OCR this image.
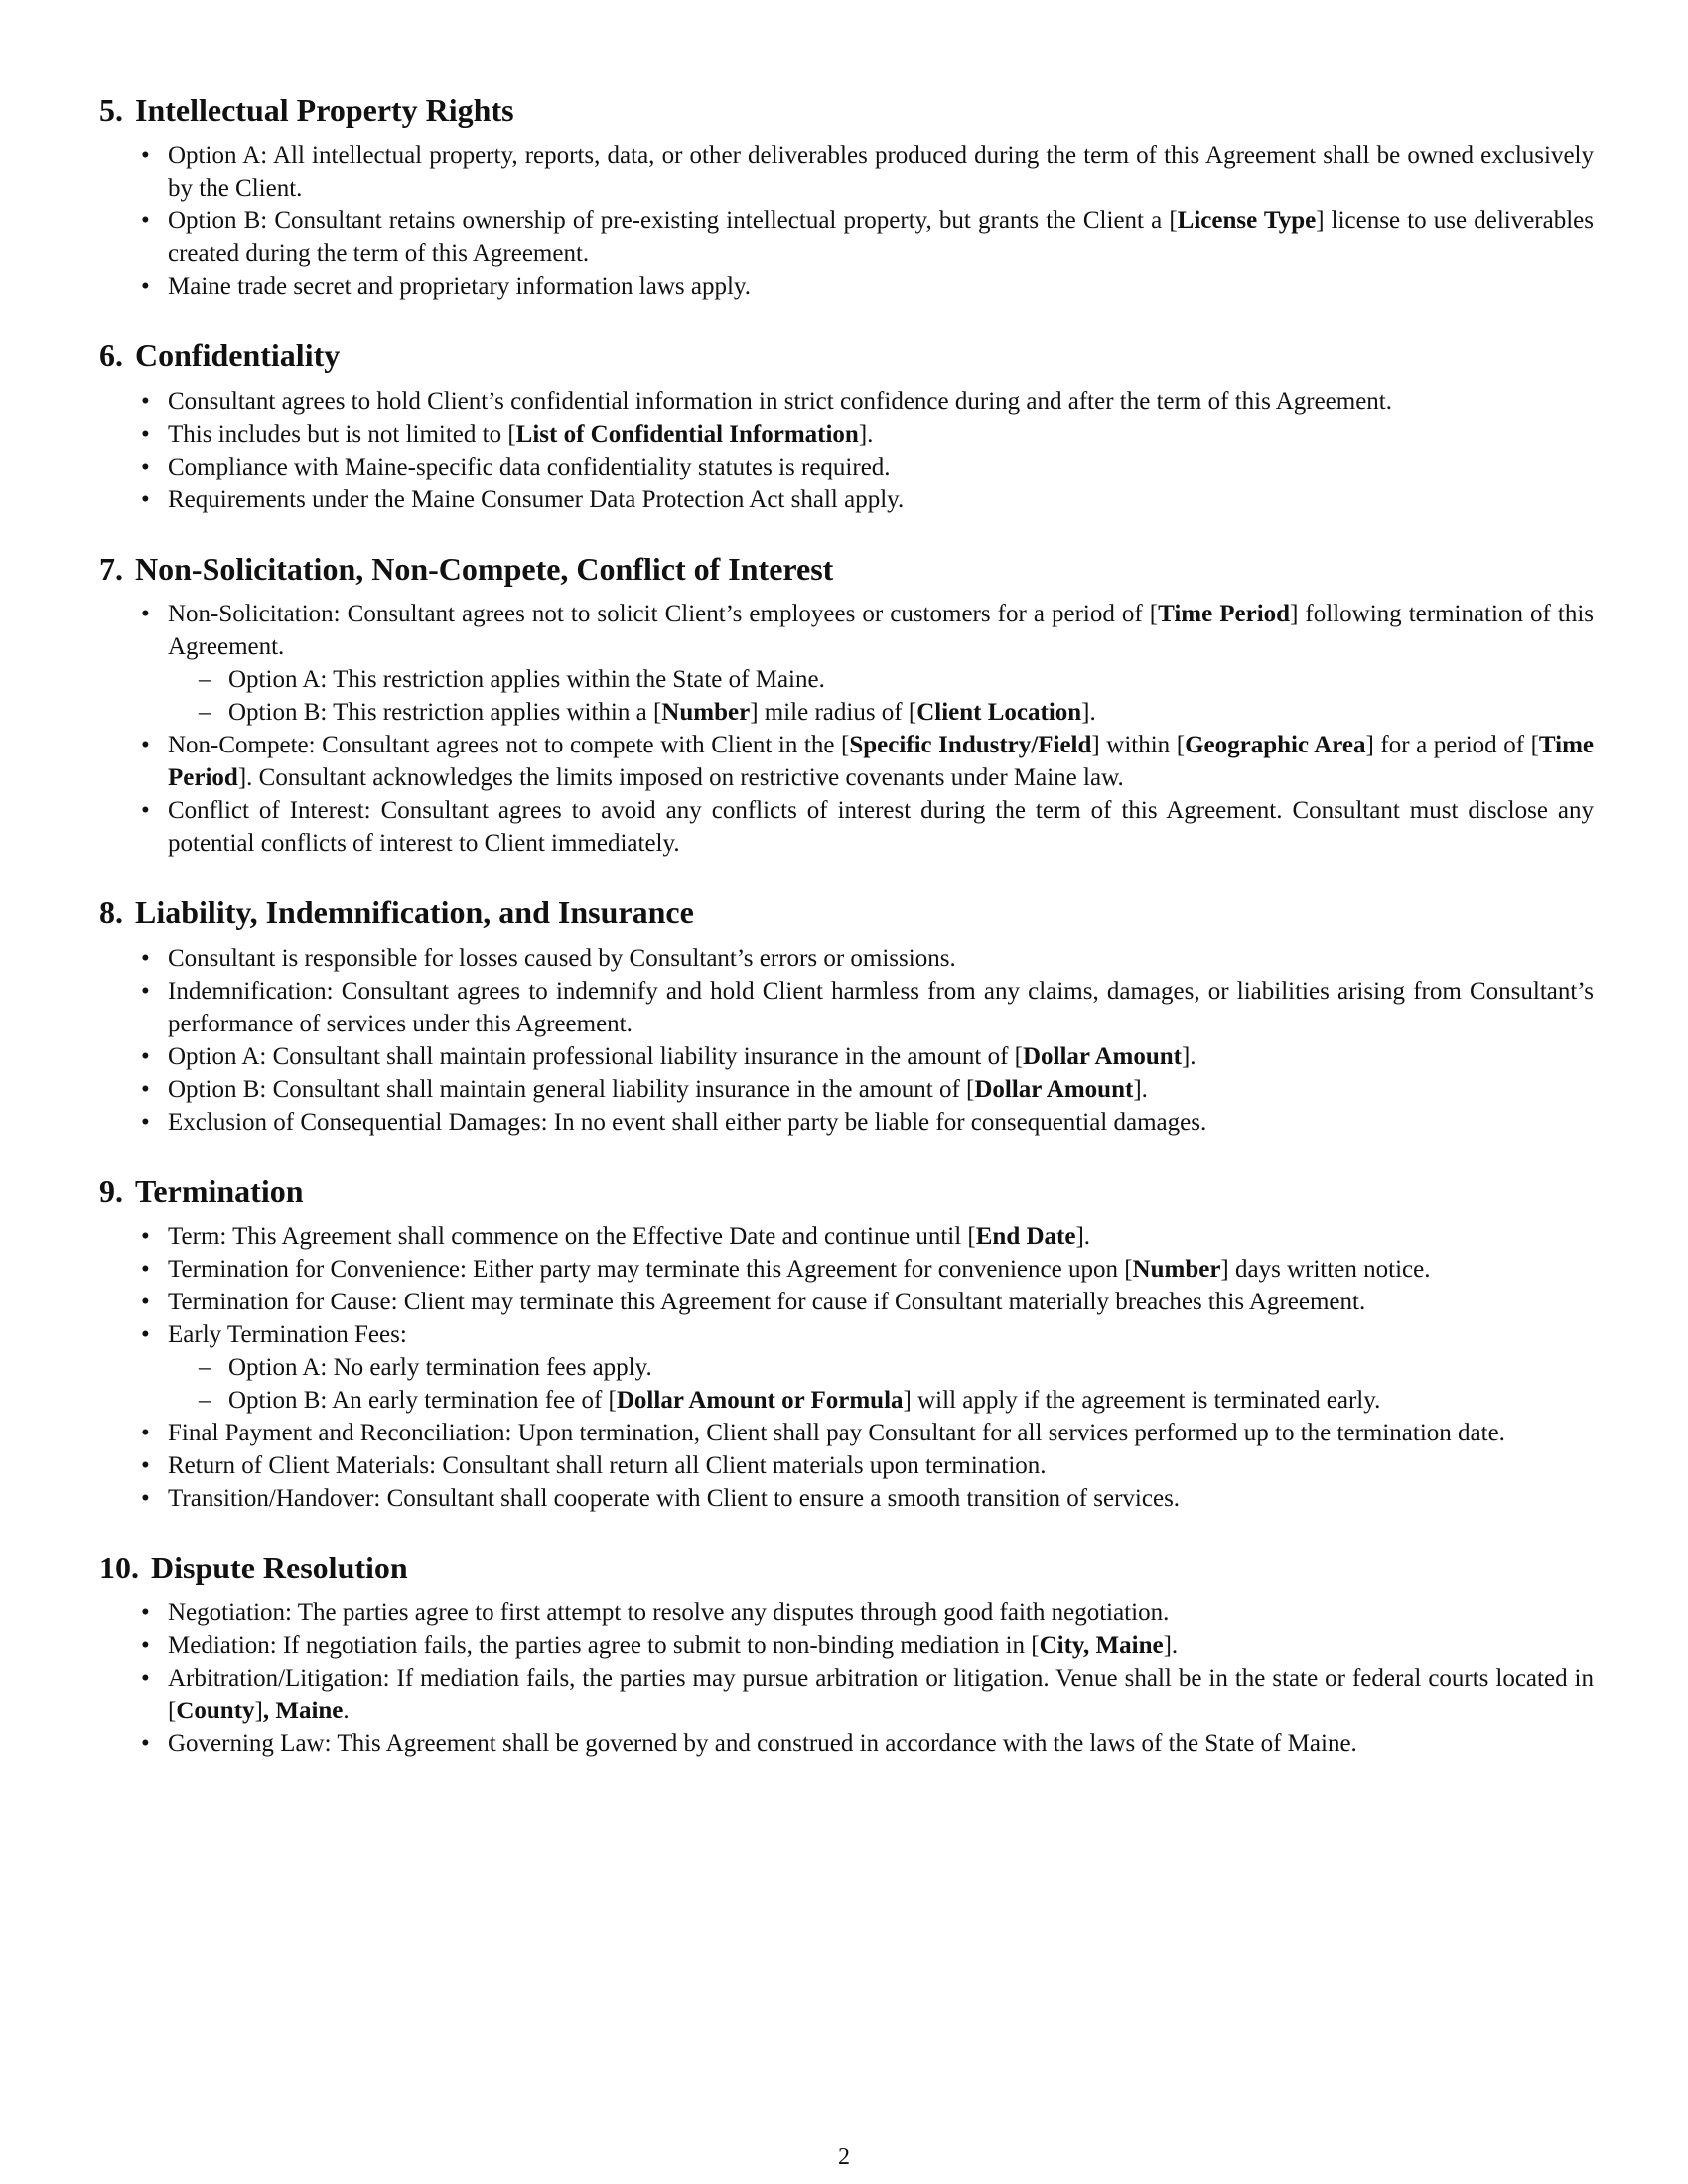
5. Intellectual Property Rights
• Option A: All intellectual property, reports, data, or other deliverables produced during the term of this Agreement shall be owned exclusively by the Client.
• Option B: Consultant retains ownership of pre-existing intellectual property, but grants the Client a [License Type] license to use deliverables created during the term of this Agreement.
• Maine trade secret and proprietary information laws apply.
6. Confidentiality
• Consultant agrees to hold Client’s confidential information in strict confidence during and after the term of this Agreement.
• This includes but is not limited to [List of Confidential Information].
• Compliance with Maine-specific data confidentiality statutes is required.
• Requirements under the Maine Consumer Data Protection Act shall apply.
7. Non-Solicitation, Non-Compete, Conflict of Interest
• Non-Solicitation: Consultant agrees not to solicit Client’s employees or customers for a period of [Time Period] following termination of this Agreement.
– Option A: This restriction applies within the State of Maine.
– Option B: This restriction applies within a [Number] mile radius of [Client Location].
• Non-Compete: Consultant agrees not to compete with Client in the [Specific Industry/Field] within [Geographic Area] for a period of [Time Period]. Consultant acknowledges the limits imposed on restrictive covenants under Maine law.
• Conflict of Interest: Consultant agrees to avoid any conflicts of interest during the term of this Agreement. Consultant must disclose any potential conflicts of interest to Client immediately.
8. Liability, Indemnification, and Insurance
• Consultant is responsible for losses caused by Consultant’s errors or omissions.
• Indemnification: Consultant agrees to indemnify and hold Client harmless from any claims, damages, or liabilities arising from Consultant’s performance of services under this Agreement.
• Option A: Consultant shall maintain professional liability insurance in the amount of [Dollar Amount].
• Option B: Consultant shall maintain general liability insurance in the amount of [Dollar Amount].
• Exclusion of Consequential Damages: In no event shall either party be liable for consequential damages.
9. Termination
• Term: This Agreement shall commence on the Effective Date and continue until [End Date].
• Termination for Convenience: Either party may terminate this Agreement for convenience upon [Number] days written notice.
• Termination for Cause: Client may terminate this Agreement for cause if Consultant materially breaches this Agreement.
• Early Termination Fees:
– Option A: No early termination fees apply.
– Option B: An early termination fee of [Dollar Amount or Formula] will apply if the agreement is terminated early.
• Final Payment and Reconciliation: Upon termination, Client shall pay Consultant for all services performed up to the termination date.
• Return of Client Materials: Consultant shall return all Client materials upon termination.
• Transition/Handover: Consultant shall cooperate with Client to ensure a smooth transition of services.
10. Dispute Resolution
• Negotiation: The parties agree to first attempt to resolve any disputes through good faith negotiation.
• Mediation: If negotiation fails, the parties agree to submit to non-binding mediation in [City, Maine].
• Arbitration/Litigation: If mediation fails, the parties may pursue arbitration or litigation. Venue shall be in the state or federal courts located in [County], Maine.
• Governing Law: This Agreement shall be governed by and construed in accordance with the laws of the State of Maine.
2
